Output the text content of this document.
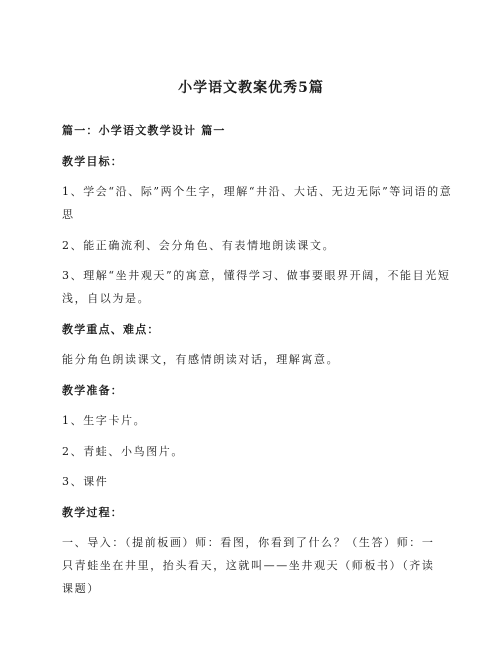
小学语文教案优秀5篇
篇一：小学语文教学设计 篇一
教学目标：
1、学会“沿、际”两个生字，理解“井沿、大话、无边无际”等词语的意
思
2、能正确流利、会分角色、有表情地朗读课文。
3、理解“坐井观天”的寓意，懂得学习、做事要眼界开阔，不能目光短
浅，自以为是。
教学重点、难点：
能分角色朗读课文，有感情朗读对话，理解寓意。
教学准备：
1、生字卡片。
2、青蛙、小鸟图片。
3、课件
教学过程：
一、导入：（提前板画）师：看图，你看到了什么？（生答）师：一
只青蛙坐在井里，抬头看天，这就叫——坐井观天（师板书）（齐读
课题）
